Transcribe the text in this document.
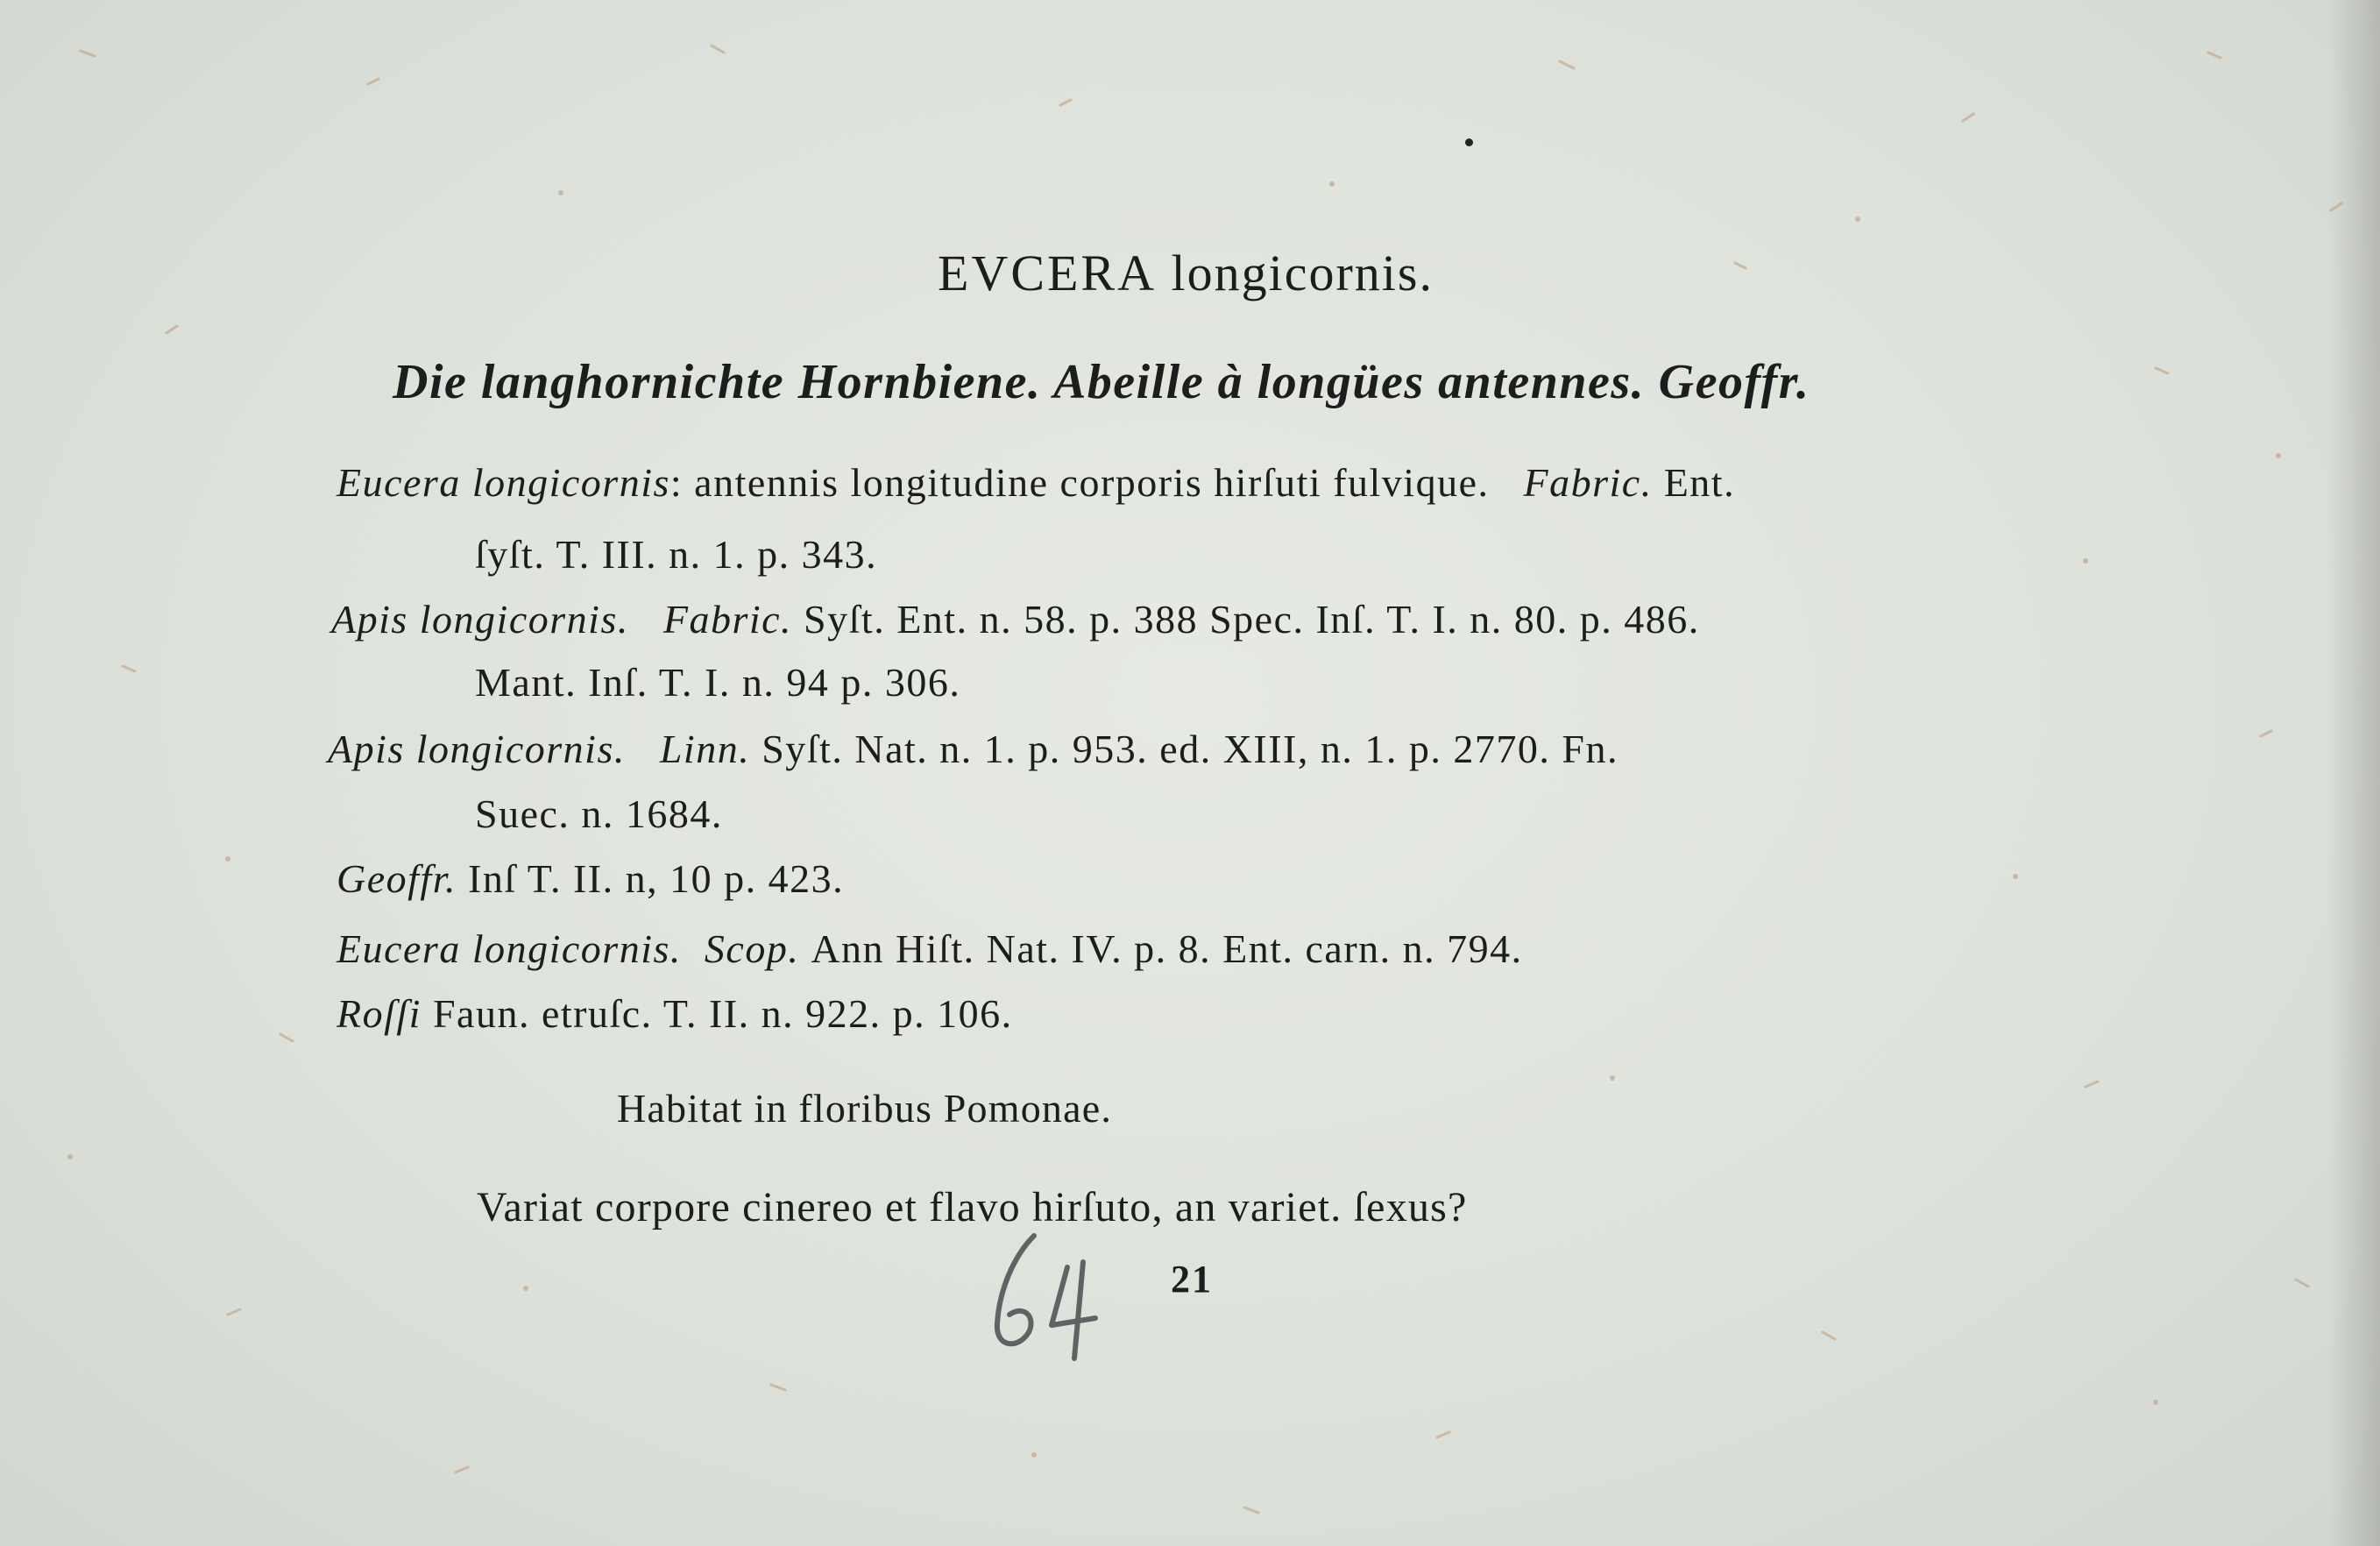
EVCERA longicornis.
Die langhornichte Hornbiene. Abeille à longües antennes. Geoffr.
Eucera longicornis: antennis longitudine corporis hirſuti fulvique. Fabric. Ent.
ſyſt. T. III. n. 1. p. 343.
Apis longicornis. Fabric. Syſt. Ent. n. 58. p. 388 Spec. Inſ. T. I. n. 80. p. 486.
Mant. Inſ. T. I. n. 94 p. 306.
Apis longicornis. Linn. Syſt. Nat. n. 1. p. 953. ed. XIII, n. 1. p. 2770. Fn.
Suec. n. 1684.
Geoffr. Inſ T. II. n, 10 p. 423.
Eucera longicornis. Scop. Ann Hiſt. Nat. IV. p. 8. Ent. carn. n. 794.
Roſſi Faun. etruſc. T. II. n. 922. p. 106.
Habitat in floribus Pomonae.
Variat corpore cinereo et flavo hirſuto, an variet. ſexus?
21
